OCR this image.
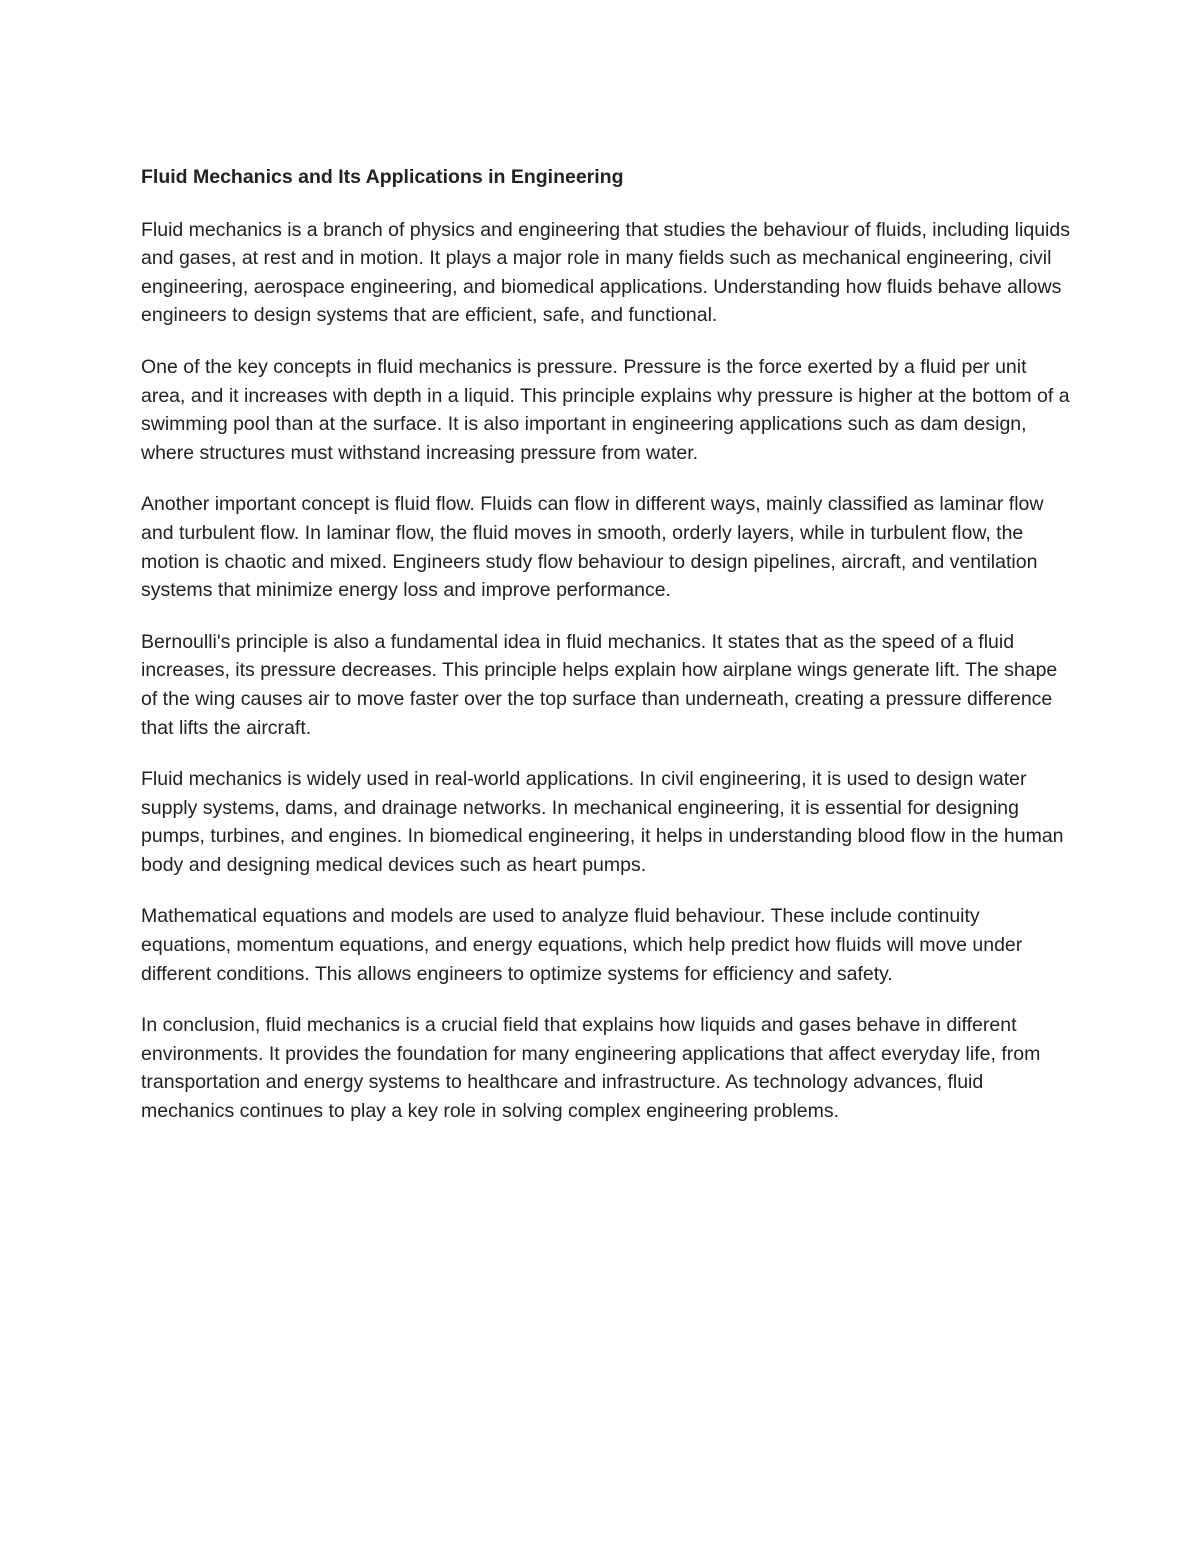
Fluid Mechanics and Its Applications in Engineering

Fluid mechanics is a branch of physics and engineering that studies the behaviour of fluids, including liquids and gases, at rest and in motion. It plays a major role in many fields such as mechanical engineering, civil engineering, aerospace engineering, and biomedical applications. Understanding how fluids behave allows engineers to design systems that are efficient, safe, and functional.

One of the key concepts in fluid mechanics is pressure. Pressure is the force exerted by a fluid per unit area, and it increases with depth in a liquid. This principle explains why pressure is higher at the bottom of a swimming pool than at the surface. It is also important in engineering applications such as dam design, where structures must withstand increasing pressure from water.

Another important concept is fluid flow. Fluids can flow in different ways, mainly classified as laminar flow and turbulent flow. In laminar flow, the fluid moves in smooth, orderly layers, while in turbulent flow, the motion is chaotic and mixed. Engineers study flow behaviour to design pipelines, aircraft, and ventilation systems that minimize energy loss and improve performance.

Bernoulli's principle is also a fundamental idea in fluid mechanics. It states that as the speed of a fluid increases, its pressure decreases. This principle helps explain how airplane wings generate lift. The shape of the wing causes air to move faster over the top surface than underneath, creating a pressure difference that lifts the aircraft.

Fluid mechanics is widely used in real-world applications. In civil engineering, it is used to design water supply systems, dams, and drainage networks. In mechanical engineering, it is essential for designing pumps, turbines, and engines. In biomedical engineering, it helps in understanding blood flow in the human body and designing medical devices such as heart pumps.

Mathematical equations and models are used to analyze fluid behaviour. These include continuity equations, momentum equations, and energy equations, which help predict how fluids will move under different conditions. This allows engineers to optimize systems for efficiency and safety.

In conclusion, fluid mechanics is a crucial field that explains how liquids and gases behave in different environments. It provides the foundation for many engineering applications that affect everyday life, from transportation and energy systems to healthcare and infrastructure. As technology advances, fluid mechanics continues to play a key role in solving complex engineering problems.
